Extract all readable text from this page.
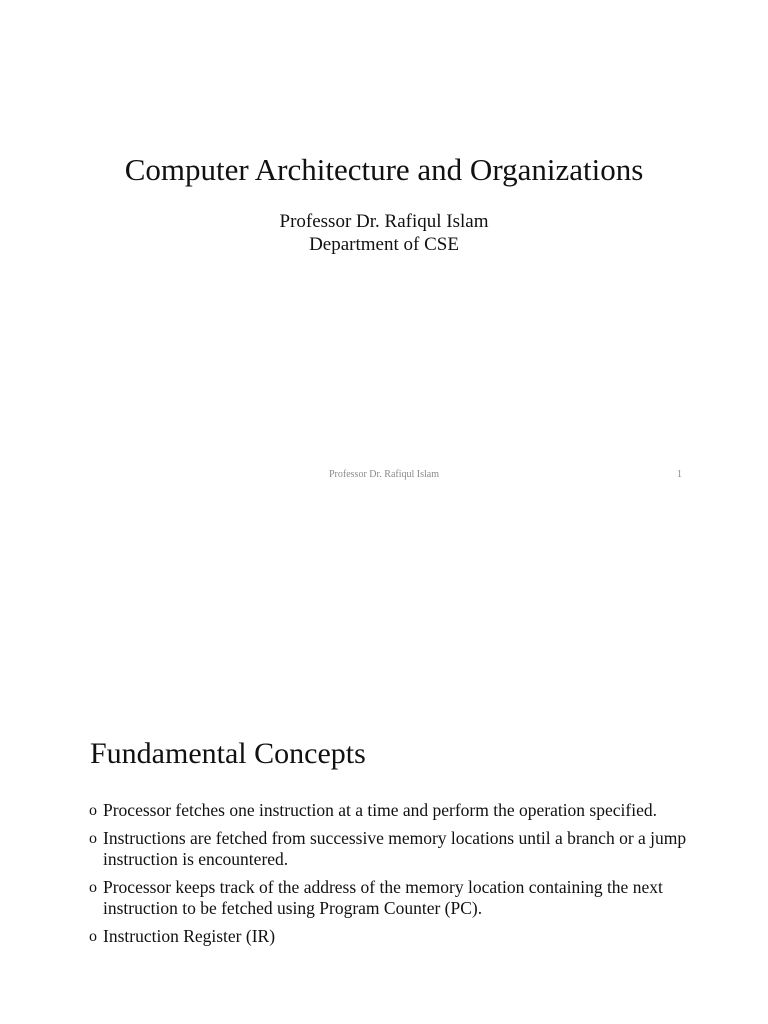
Computer Architecture and Organizations
Professor Dr. Rafiqul Islam
Department of CSE
Professor Dr. Rafiqul Islam	1
Fundamental Concepts
o Processor fetches one instruction at a time and perform the operation specified.
o Instructions are fetched from successive memory locations until a branch or a jump instruction is encountered.
o Processor keeps track of the address of the memory location containing the next instruction to be fetched using Program Counter (PC).
o Instruction Register (IR)
